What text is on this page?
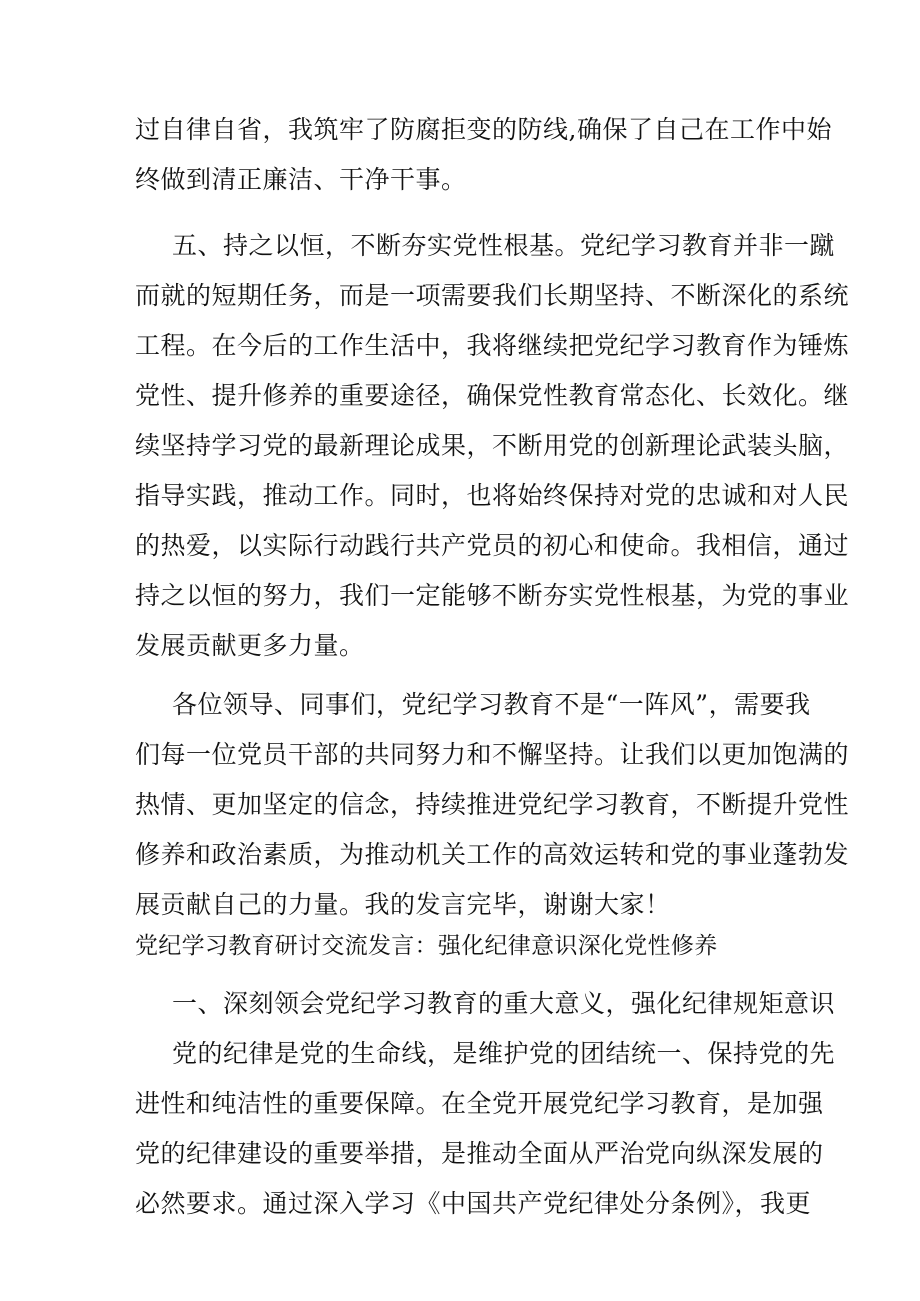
过自律自省，我筑牢了防腐拒变的防线,确保了自己在工作中始
终做到清正廉洁、干净干事。
五、持之以恒，不断夯实党性根基。党纪学习教育并非一蹴
而就的短期任务，而是一项需要我们长期坚持、不断深化的系统
工程。在今后的工作生活中，我将继续把党纪学习教育作为锤炼
党性、提升修养的重要途径，确保党性教育常态化、长效化。继
续坚持学习党的最新理论成果，不断用党的创新理论武装头脑，
指导实践，推动工作。同时，也将始终保持对党的忠诚和对人民
的热爱，以实际行动践行共产党员的初心和使命。我相信，通过
持之以恒的努力，我们一定能够不断夯实党性根基，为党的事业
发展贡献更多力量。
各位领导、同事们，党纪学习教育不是“一阵风”，需要我
们每一位党员干部的共同努力和不懈坚持。让我们以更加饱满的
热情、更加坚定的信念，持续推进党纪学习教育，不断提升党性
修养和政治素质，为推动机关工作的高效运转和党的事业蓬勃发
展贡献自己的力量。我的发言完毕，谢谢大家！
党纪学习教育研讨交流发言：强化纪律意识深化党性修养
一、深刻领会党纪学习教育的重大意义，强化纪律规矩意识
党的纪律是党的生命线，是维护党的团结统一、保持党的先
进性和纯洁性的重要保障。在全党开展党纪学习教育，是加强
党的纪律建设的重要举措，是推动全面从严治党向纵深发展的
必然要求。通过深入学习《中国共产党纪律处分条例》，我更
